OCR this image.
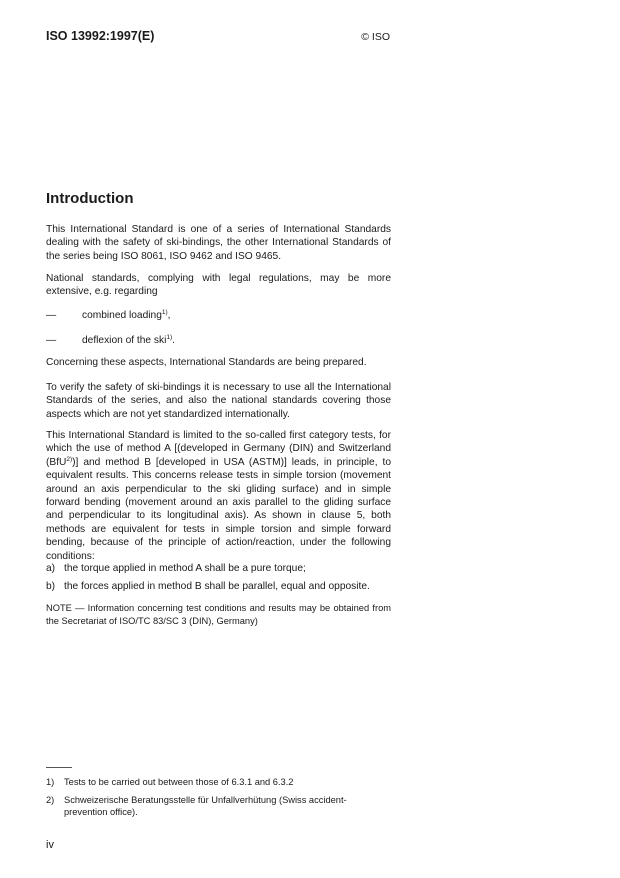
ISO 13992:1997(E)	© ISO
Introduction
This International Standard is one of a series of International Standards dealing with the safety of ski-bindings, the other International Standards of the series being ISO 8061, ISO 9462 and ISO 9465.
National standards, complying with legal regulations, may be more extensive, e.g. regarding
—	combined loading$^{1)}$,
—	deflexion of the ski$^{1)}$.
Concerning these aspects, International Standards are being prepared.
To verify the safety of ski-bindings it is necessary to use all the International Standards of the series, and also the national standards covering those aspects which are not yet standardized internationally.
This International Standard is limited to the so-called first category tests, for which the use of method A [(developed in Germany (DIN) and Switzerland (BfU$^{2)}$)] and method B [developed in USA (ASTM)] leads, in principle, to equivalent results. This concerns release tests in simple torsion (movement around an axis perpendicular to the ski gliding surface) and in simple forward bending (movement around an axis parallel to the gliding surface and perpendicular to its longitudinal axis). As shown in clause 5, both methods are equivalent for tests in simple torsion and simple forward bending, because of the principle of action/reaction, under the following conditions:
a) the torque applied in method A shall be a pure torque;
b) the forces applied in method B shall be parallel, equal and opposite.
NOTE — Information concerning test conditions and results may be obtained from the Secretariat of ISO/TC 83/SC 3 (DIN), Germany)
1) Tests to be carried out between those of 6.3.1 and 6.3.2
2) Schweizerische Beratungsstelle für Unfallverhütung (Swiss accident-
prevention office).
iv
